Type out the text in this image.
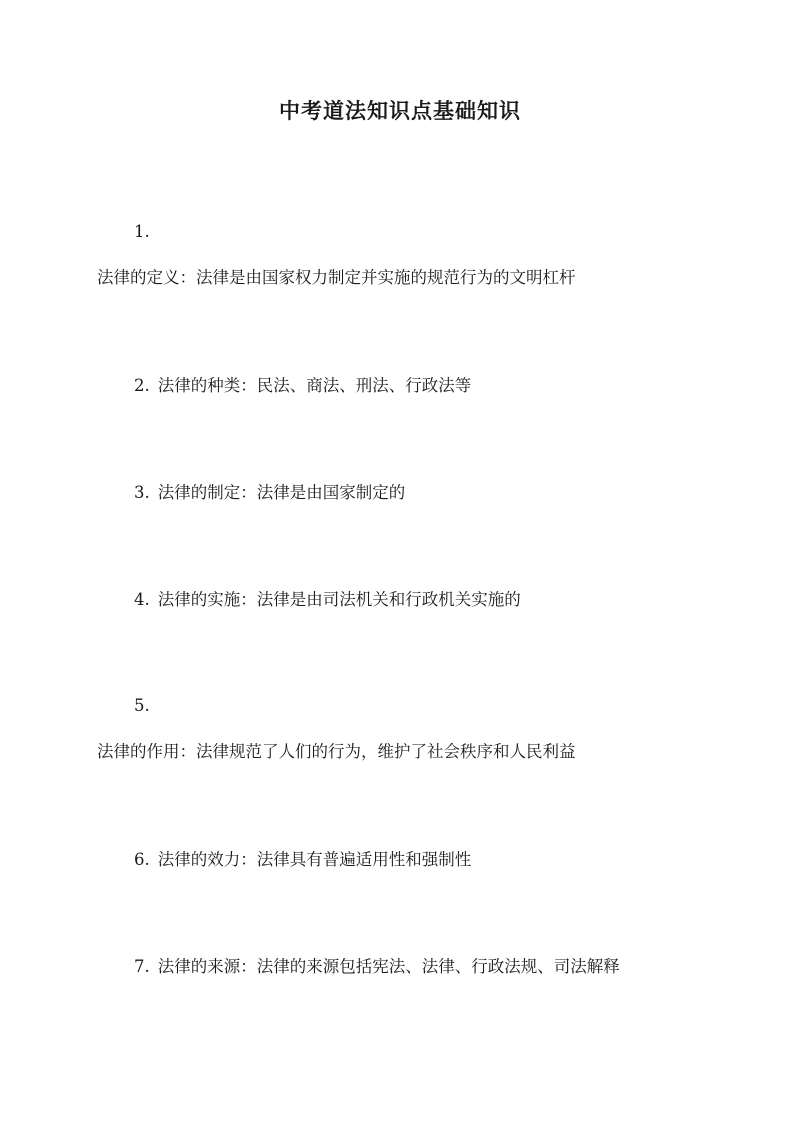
中考道法知识点基础知识
1.
法律的定义：法律是由国家权力制定并实施的规范行为的文明杠杆
2. 法律的种类：民法、商法、刑法、行政法等
3. 法律的制定：法律是由国家制定的
4. 法律的实施：法律是由司法机关和行政机关实施的
5.
法律的作用：法律规范了人们的行为，维护了社会秩序和人民利益
6. 法律的效力：法律具有普遍适用性和强制性
7. 法律的来源：法律的来源包括宪法、法律、行政法规、司法解释
